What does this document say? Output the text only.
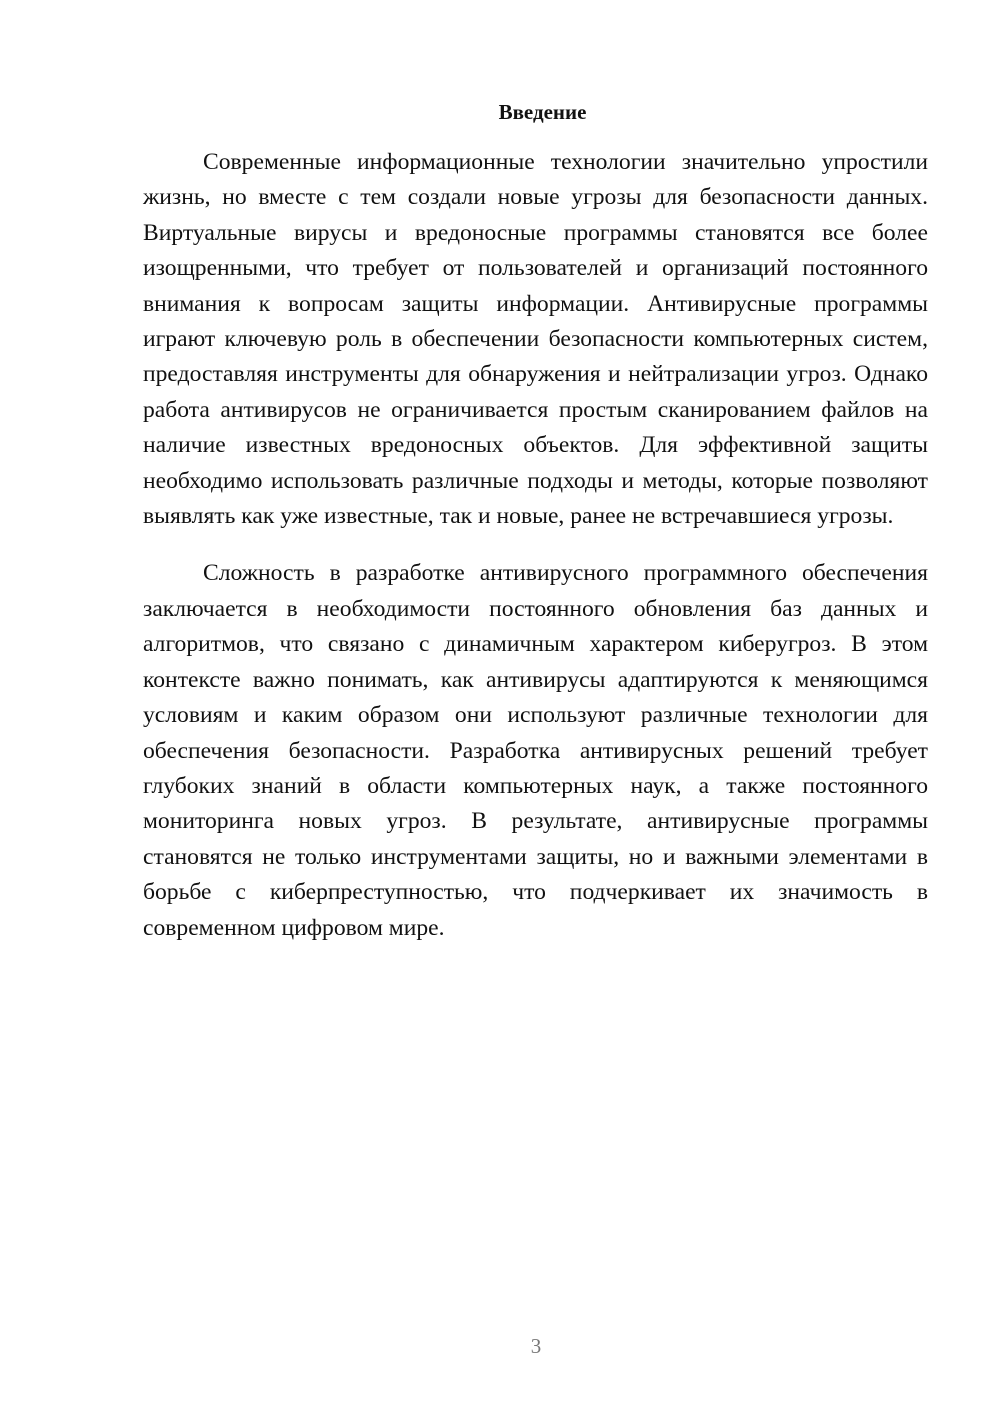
Введение

Современные информационные технологии значительно упростили жизнь, но вместе с тем создали новые угрозы для безопасности данных. Виртуальные вирусы и вредоносные программы становятся все более изощренными, что требует от пользователей и организаций постоянного внимания к вопросам защиты информации. Антивирусные программы играют ключевую роль в обеспечении безопасности компьютерных систем, предоставляя инструменты для обнаружения и нейтрализации угроз. Однако работа антивирусов не ограничивается простым сканированием файлов на наличие известных вредоносных объектов. Для эффективной защиты необходимо использовать различные подходы и методы, которые позволяют выявлять как уже известные, так и новые, ранее не встречавшиеся угрозы.

Сложность в разработке антивирусного программного обеспечения заключается в необходимости постоянного обновления баз данных и алгоритмов, что связано с динамичным характером киберугроз. В этом контексте важно понимать, как антивирусы адаптируются к меняющимся условиям и каким образом они используют различные технологии для обеспечения безопасности. Разработка антивирусных решений требует глубоких знаний в области компьютерных наук, а также постоянного мониторинга новых угроз. В результате, антивирусные программы становятся не только инструментами защиты, но и важными элементами в борьбе с киберпреступностью, что подчеркивает их значимость в современном цифровом мире.

3
